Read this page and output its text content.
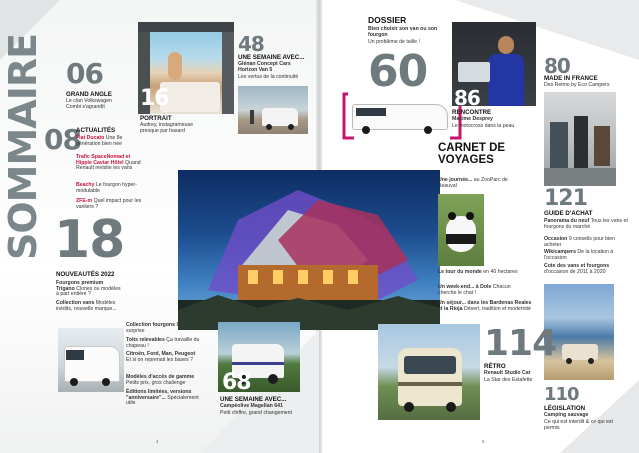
SOMMAIRE 06
GRAND ANGLE
Le clan Volkswagen Combi s'agrandit
08
ACTUALITÉS
Fiat Ducato Une 8e génération bien née
Trafic SpaceNomad et Hippie Caviar Hôtel Quand Renault revisite les vans
Beachy Le fourgon hyper-modulable
ZFE-m Quel impact pour les vanliers ?
18
NOUVEAUTÉS 2022
Fourgons premium Trigano Clones ou modèles à part entière ?
Collection vans Modèles inédits, nouvelle marque...
Collection fourgons surprise
Toits relevables Ça travaille du chapeau !
Citroën, Ford, Man, Peugeot Et si on reprenait les bases ?
Modèles d'accès de gamme Petits prix, gros challenge
Éditions limitées, versions "anniversaire"... Spécialement utile
16
PORTRAIT
Audrey, instagrameuse presque par hasard
48
UNE SEMAINE AVEC...
Glénan Concept Cars Horizon Van 5
Les vertus de la continuité
68
UNE SEMAINE AVEC...
Campéolive Magellan 641
Petit chiffre, grand changement
DOSSIER
Bien choisir son van ou son fourgon
Un problème de taille !
60
86
RENCONTRE
Maxime Desprey
Le motocross dans la peau
80
MADE IN FRANCE
Des Reimo by Eco Campers
91 CARNET DE VOYAGES
Une journée... au ZooParc de Beauval
Le tour du monde en 40 hectares
Un week-end... à Dole Chacun cherche le chat !
Un séjour... dans les Bardenas Reales et la Rioja Désert, tradition et modernité
121
GUIDE D'ACHAT
Panorama du neuf Tous les vans et fourgons du marché
Occasion 9 conseils pour bien acheter
Wikicampers De la location à l'occasion
Cote des vans et fourgons d'occasion de 2011 à 2020
114
RÉTRO
Renault Studio Car
La Star des Estafette
110
LÉGISLATION
Camping sauvage
Ce qui est interdit & ce qui est permis
4	5
